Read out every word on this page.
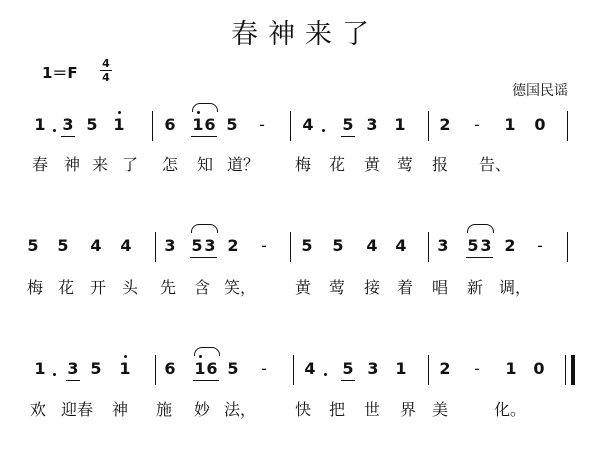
春神来了
1＝F
4
4
德国民谣
1 3 5 1 6 1 6 5	-	4 5 3 1 2	-	1 0
5 5 4 4 3 5 3 2	-	5 5 4 4 3 5 3 2	-
1 3 5 1 6 1 6 5	-	4 5 3 1 2	-	1 0
春 神 来 了 怎 知 道？	梅 花 黄 莺 报 告、
梅 花 开 头 先 含 笑，	黄 莺 接 着 唱 新 调，
欢 迎春	神 施 妙 法，	快 把 世 界 美	化。
